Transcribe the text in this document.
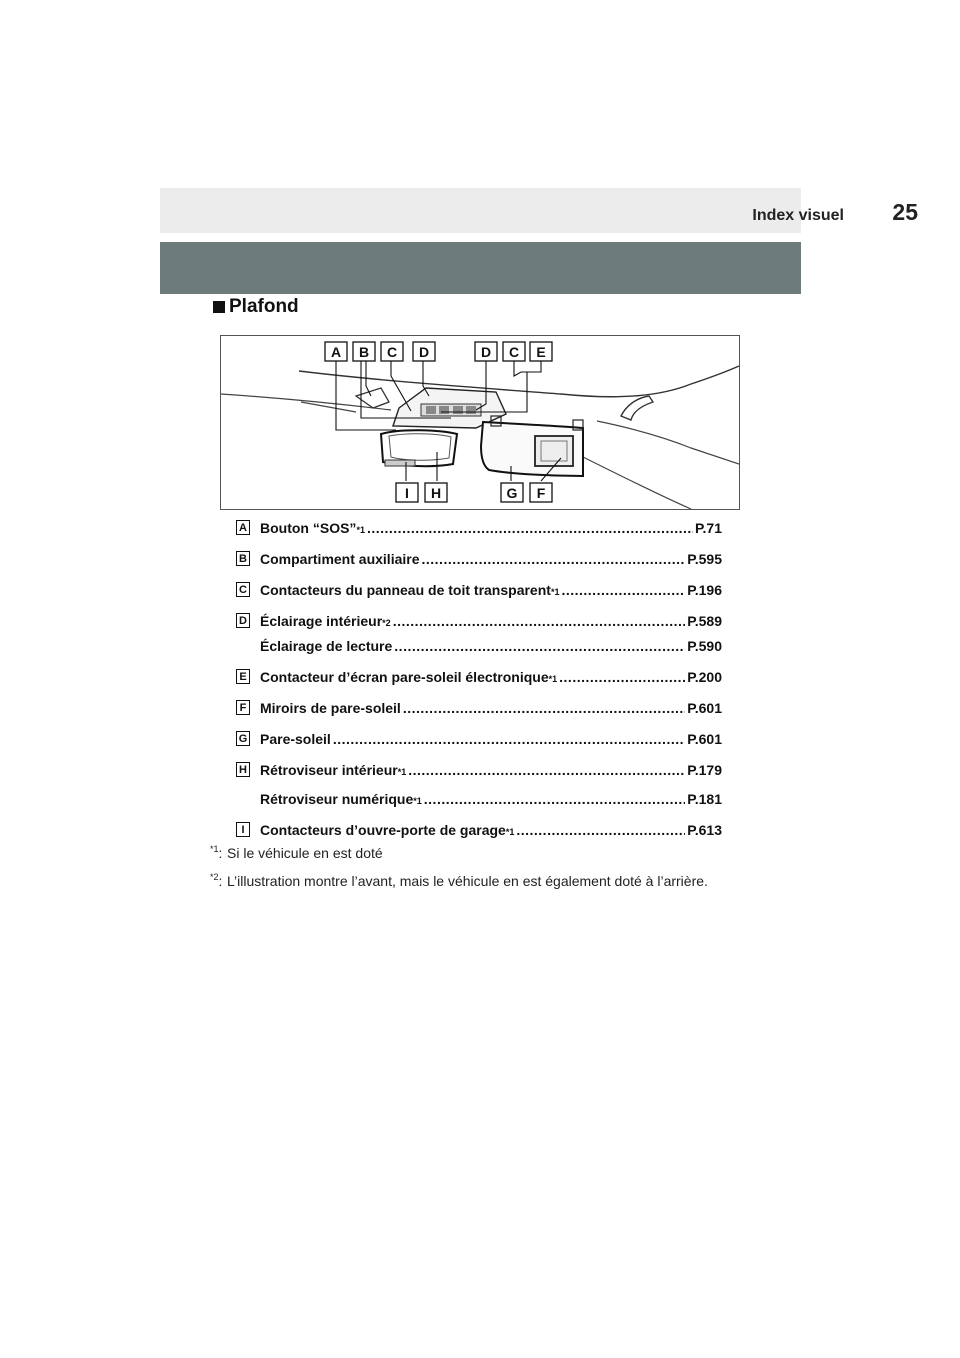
Index visuel 25
Plafond
A B C D	D C E
I H	G F
A Bouton “SOS” *1 .....	P.71
B Compartiment auxiliaire .....	P.595
C Contacteurs du panneau de toit transparent *1 .....	P.196
D Éclairage intérieur *2 .....	P.589
Éclairage de lecture .....	P.590
E Contacteur d’écran pare-soleil électronique *1 .....	P.200
F Miroirs de pare-soleil .....	P.601
G Pare-soleil .....	P.601
H Rétroviseur intérieur *1 .....	P.179
Rétroviseur numérique *1 .....	P.181
I	Contacteurs d’ouvre-porte de garage *1 .....	P.613
$^{*1}$: Si le véhicule en est doté
$^{*2}$: L’illustration montre l’avant, mais le véhicule en est également doté à l’arrière.
